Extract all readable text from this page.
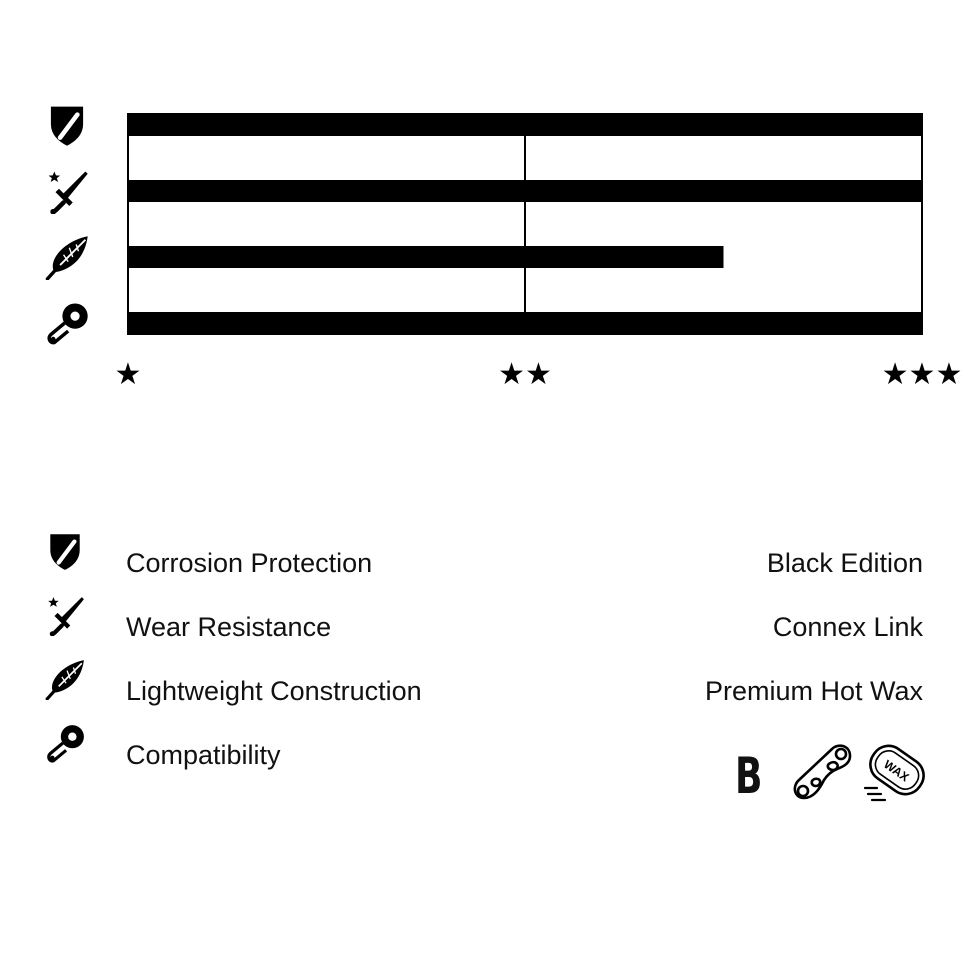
★	★★	★★★
Corrosion Protection	Black Edition
Wear Resistance	Connex Link
Lightweight Construction	Premium Hot Wax
Compatibility	B	WAX
